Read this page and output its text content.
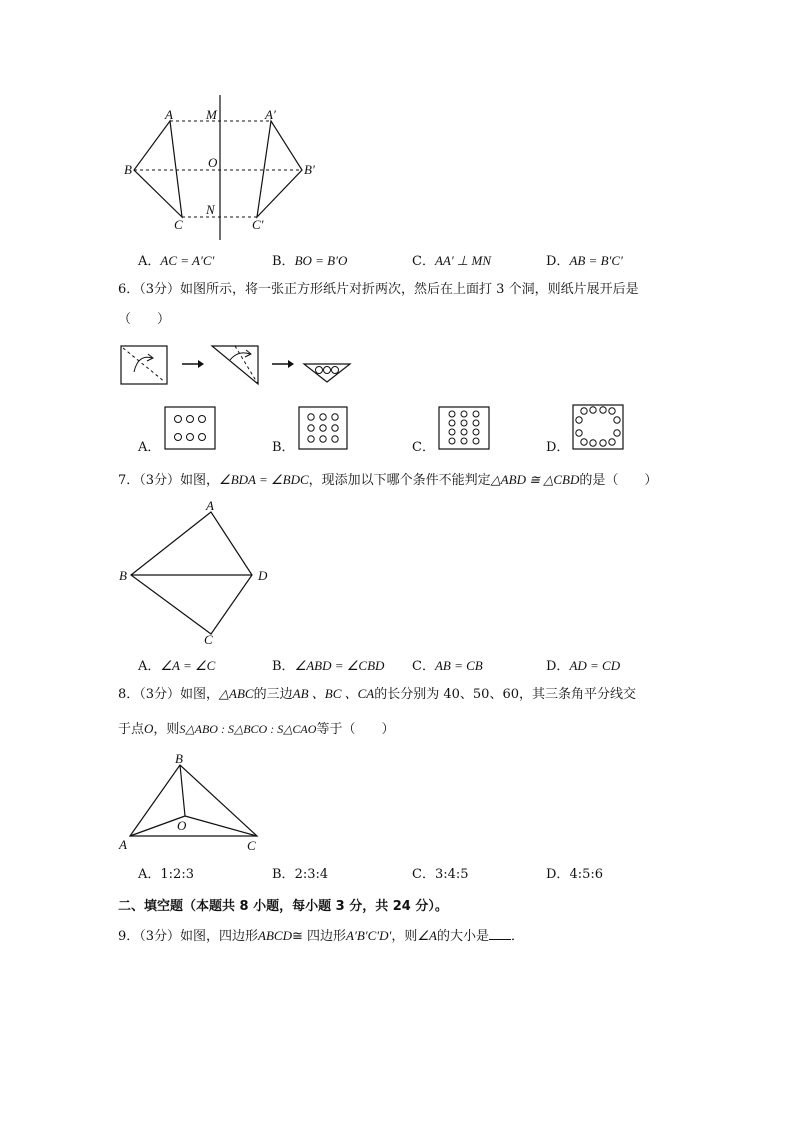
A	M	A′
B	O	B′
C
N
C′
A．AC = A′C′	B．BO = B′O	C．AA′ ⊥ MN	D．AB = B′C′
6．（3分）如图所示，将一张正方形纸片对折两次，然后在上面打 3 个洞，则纸片展开后是
（　　）
A．	B．	C．	D．
7．（3分）如图，∠BDA = ∠BDC，现添加以下哪个条件不能判定△ABD ≅ △CBD的是（　　）
A
B
C
D
A．∠A = ∠C	B．∠ABD = ∠CBD C．AB = CB	D．AD = CD
8．（3分）如图，△ABC的三边AB 、BC 、CA的长分别为 40、50、60，其三条角平分线交
于点O，则S△ABO : S△BCO : S△CAO等于（　　）
B
O
A	C
A．1:2:3	B．2:3:4	C．3:4:5	D．4:5:6
二、填空题（本题共 8 小题，每小题 3 分，共 24 分）。
9．（3分）如图，四边形ABCD≅ 四边形A′B′C′D′，则∠A的大小是 ．
